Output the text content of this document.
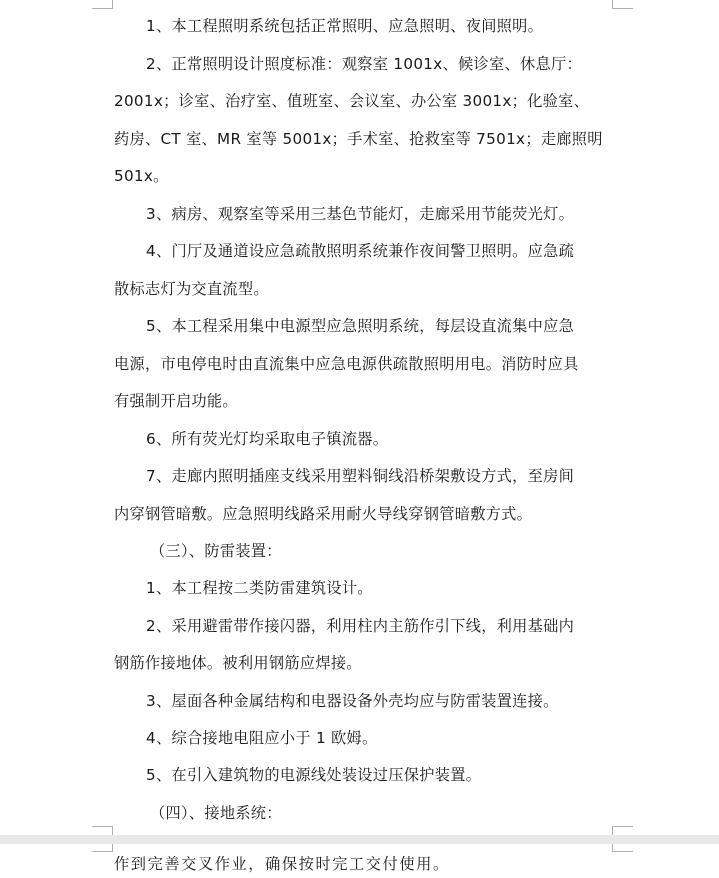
1、本工程照明系统包括正常照明、应急照明、夜间照明。
2、正常照明设计照度标准：观察室 1001x、候诊室、休息厅：
2001x；诊室、治疗室、值班室、会议室、办公室 3001x；化验室、
药房、CT 室、MR 室等 5001x；手术室、抢救室等 7501x；走廊照明
501x。
3、病房、观察室等采用三基色节能灯，走廊采用节能荧光灯。
4、门厅及通道设应急疏散照明系统兼作夜间警卫照明。应急疏
散标志灯为交直流型。
5、本工程采用集中电源型应急照明系统，每层设直流集中应急
电源，市电停电时由直流集中应急电源供疏散照明用电。消防时应具
有强制开启功能。
6、所有荧光灯均采取电子镇流器。
7、走廊内照明插座支线采用塑料铜线沿桥架敷设方式，至房间
内穿钢管暗敷。应急照明线路采用耐火导线穿钢管暗敷方式。
（三）、防雷装置：
1、本工程按二类防雷建筑设计。
2、采用避雷带作接闪器，利用柱内主筋作引下线，利用基础内
钢筋作接地体。被利用钢筋应焊接。
3、屋面各种金属结构和电器设备外壳均应与防雷装置连接。
4、综合接地电阻应小于 1 欧姆。
5、在引入建筑物的电源线处装设过压保护装置。
（四）、接地系统：
作到完善交叉作业，确保按时完工交付使用。
